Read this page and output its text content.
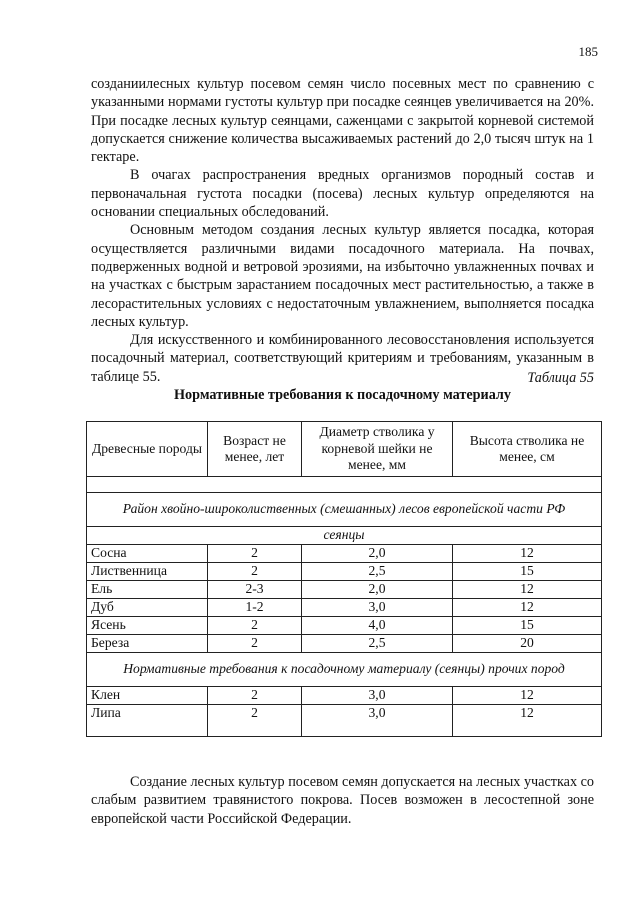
185

созданиилесных культур посевом семян число посевных мест по сравнению с указанными нормами густоты культур при посадке сеянцев увеличивается на 20%. При посадке лесных культур сеянцами, саженцами с закрытой корневой системой допускается снижение количества высаживаемых растений до 2,0 тысяч штук на 1 гектаре.

В очагах распространения вредных организмов породный состав и первоначальная густота посадки (посева) лесных культур определяются на основании специальных обследований.

Основным методом создания лесных культур является посадка, которая осуществляется различными видами посадочного материала. На почвах, подверженных водной и ветровой эрозиями, на избыточно увлажненных почвах и на участках с быстрым зарастанием посадочных мест растительностью, а также в лесорастительных условиях с недостаточным увлажнением, выполняется посадка лесных культур.

Для искусственного и комбинированного лесовосстановления используется посадочный материал, соответствующий критериям и требованиям, указанным в таблице 55.	Таблица 55
Нормативные требования к посадочному материалу
Древесные породы	Возраст не менее, лет	Диаметр стволика у корневой шейки не менее, мм	Высота стволика не менее, см

Район хвойно-широколиственных (смешанных) лесов европейской части РФ			
сеянцы			
Сосна	2	2,0	12
Лиственница	2	2,5	15
Ель	2-3	2,0	12
Дуб	1-2	3,0	12
Ясень	2	4,0	15
Береза	2	2,5	20
Нормативные требования к посадочному материалу (сеянцы) прочих пород			
Клен	2	3,0	12
Липа	2	3,0	12

Создание лесных культур посевом семян допускается на лесных участках со слабым развитием травянистого покрова. Посев возможен в лесостепной зоне европейской части Российской Федерации.
